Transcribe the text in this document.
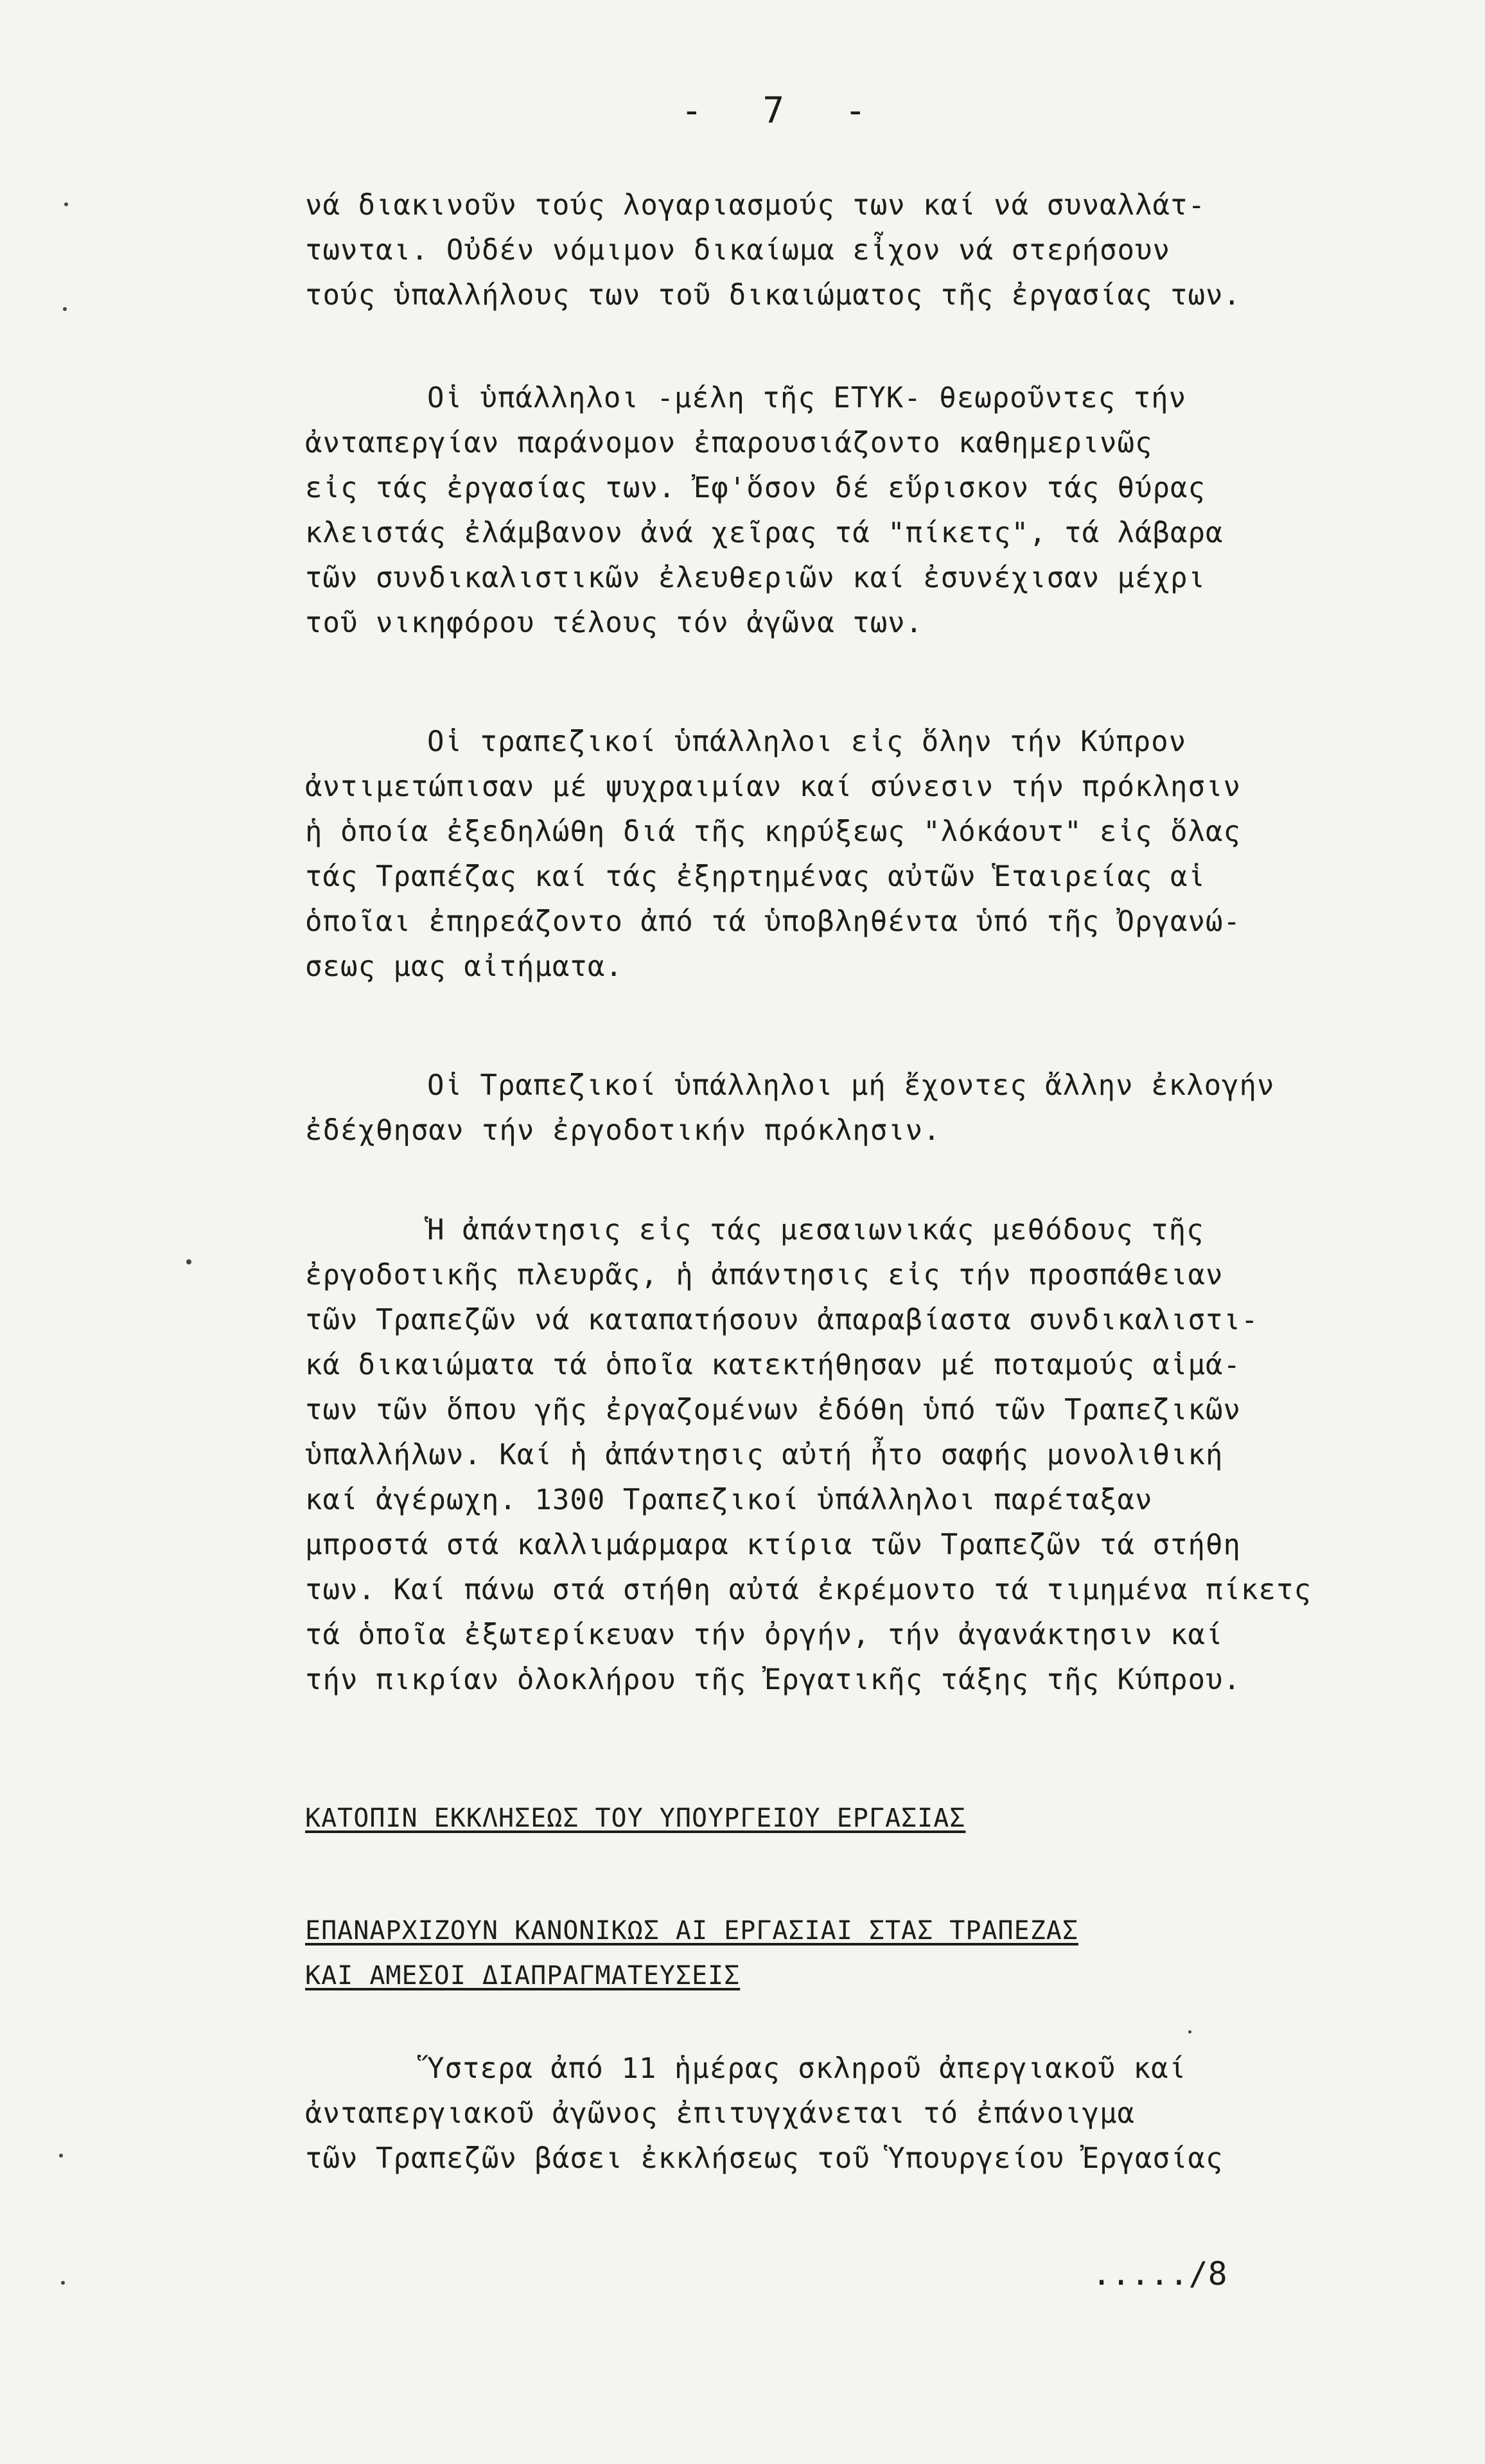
- 7 -
νά διακινοῦν τούς λογαριασμούς των καί νά συναλλάτ-
τωνται. Οὐδέν νόμιμον δικαίωμα εἶχον νά στερήσουν
τούς ὑπαλλήλους των τοῦ δικαιώματος τῆς ἐργασίας των.
Οἱ ὑπάλληλοι -μέλη τῆς ΕΤΥΚ- θεωροῦντες τήν
ἀνταπεργίαν παράνομον ἐπαρουσιάζοντο καθημερινῶς
εἰς τάς ἐργασίας των. Ἐφ'ὅσον δέ εὕρισκον τάς θύρας
κλειστάς ἐλάμβανον ἀνά χεῖρας τά "πίκετς", τά λάβαρα
τῶν συνδικαλιστικῶν ἐλευθεριῶν καί ἐσυνέχισαν μέχρι
τοῦ νικηφόρου τέλους τόν ἀγῶνα των.
Οἱ τραπεζικοί ὑπάλληλοι εἰς ὅλην τήν Κύπρον
ἀντιμετώπισαν μέ ψυχραιμίαν καί σύνεσιν τήν πρόκλησιν
ἡ ὁποία ἐξεδηλώθη διά τῆς κηρύξεως "λόκάουτ" εἰς ὅλας
τάς Τραπέζας καί τάς ἐξηρτημένας αὐτῶν Ἑταιρείας αἱ
ὁποῖαι ἐπηρεάζοντο ἀπό τά ὑποβληθέντα ὑπό τῆς Ὀργανώ-
σεως μας αἰτήματα.
Οἱ Τραπεζικοί ὑπάλληλοι μή ἔχοντες ἄλλην ἐκλογήν
ἐδέχθησαν τήν ἐργοδοτικήν πρόκλησιν.
Ἡ ἀπάντησις εἰς τάς μεσαιωνικάς μεθόδους τῆς
ἐργοδοτικῆς πλευρᾶς, ἡ ἀπάντησις εἰς τήν προσπάθειαν
τῶν Τραπεζῶν νά καταπατήσουν ἀπαραβίαστα συνδικαλιστι-
κά δικαιώματα τά ὁποῖα κατεκτήθησαν μέ ποταμούς αἱμά-
των τῶν ὅπου γῆς ἐργαζομένων ἐδόθη ὑπό τῶν Τραπεζικῶν
ὑπαλλήλων. Καί ἡ ἀπάντησις αὐτή ἦτο σαφής μονολιθική
καί ἀγέρωχη. 1300 Τραπεζικοί ὑπάλληλοι παρέταξαν
μπροστά στά καλλιμάρμαρα κτίρια τῶν Τραπεζῶν τά στήθη
των. Καί πάνω στά στήθη αὐτά ἐκρέμοντο τά τιμημένα πίκετς
τά ὁποῖα ἐξωτερίκευαν τήν ὀργήν, τήν ἀγανάκτησιν καί
τήν πικρίαν ὁλοκλήρου τῆς Ἐργατικῆς τάξης τῆς Κύπρου.
ΚΑΤΟΠΙΝ ΕΚΚΛΗΣΕΩΣ ΤΟΥ ΥΠΟΥΡΓΕΙΟΥ ΕΡΓΑΣΙΑΣ
ΕΠΑΝΑΡΧΙΖΟΥΝ ΚΑΝΟΝΙΚΩΣ ΑΙ ΕΡΓΑΣΙΑΙ ΣΤΑΣ ΤΡΑΠΕΖΑΣ
ΚΑΙ ΑΜΕΣΟΙ ΔΙΑΠΡΑΓΜΑΤΕΥΣΕΙΣ
Ὕστερα ἀπό 11 ἡμέρας σκληροῦ ἀπεργιακοῦ καί
ἀνταπεργιακοῦ ἀγῶνος ἐπιτυγχάνεται τό ἐπάνοιγμα
τῶν Τραπεζῶν βάσει ἐκκλήσεως τοῦ Ὑπουργείου Ἐργασίας
...../8
